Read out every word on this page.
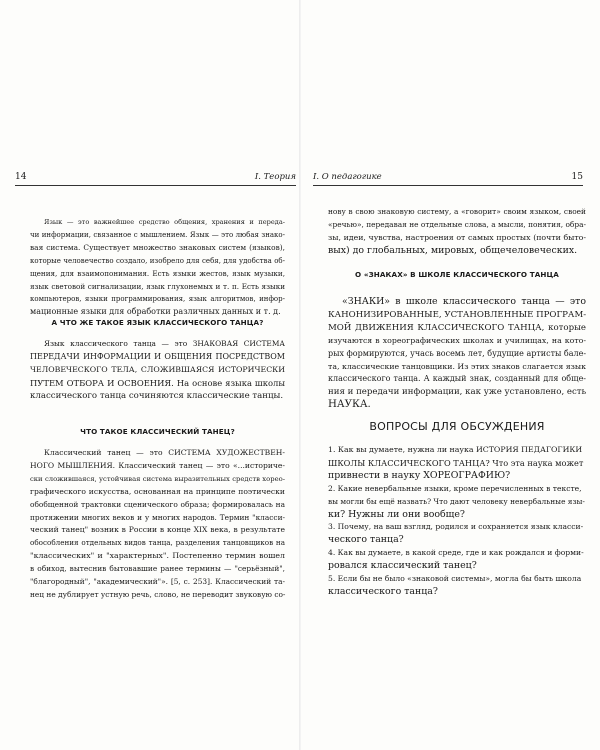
14	I. Теория

Язык — это важнейшее средство общения, хранения и переда-
чи информации, связанное с мышлением. Язык — это любая знако-
вая система. Существует множество знаковых систем (языков),
которые человечество создало, изобрело для себя, для удобства об-
щения, для взаимопонимания. Есть языки жестов, язык музыки,
язык световой сигнализации, язык глухонемых и т. п. Есть языки
компьютеров, языки программирования, язык алгоритмов, инфор-
мационные языки для обработки различных данных и т. д.

А ЧТО ЖЕ ТАКОЕ ЯЗЫК КЛАССИЧЕСКОГО ТАНЦА?

Язык классического танца — это ЗНАКОВАЯ СИСТЕМА
ПЕРЕДАЧИ ИНФОРМАЦИИ И ОБЩЕНИЯ ПОСРЕДСТВОМ
ЧЕЛОВЕЧЕСКОГО ТЕЛА, СЛОЖИВШАЯСЯ ИСТОРИЧЕСКИ
ПУТЕМ ОТБОРА И ОСВОЕНИЯ. На основе языка школы
классического танца сочиняются классические танцы.

ЧТО ТАКОЕ КЛАССИЧЕСКИЙ ТАНЕЦ?

Классический танец — это СИСТЕМА ХУДОЖЕСТВЕН-
НОГО МЫШЛЕНИЯ. Классический танец — это «...историче-
ски сложившаяся, устойчивая система выразительных средств хорео-
графического искусства, основанная на принципе поэтически
обобщенной трактовки сценического образа; формировалась на
протяжении многих веков и у многих народов. Термин "класси-
ческий танец" возник в России в конце XIX века, в результате
обособления отдельных видов танца, разделения танцовщиков на
"классических" и "характерных". Постепенно термин вошел
в обиход, вытеснив бытовавшие ранее термины — "серьёзный",
"благородный", "академический"». [5, с. 253]. Классический та-
нец не дублирует устную речь, слово, не переводит звуковую со-

I. О педагогике	15

нову в свою знаковую систему, а «говорит» своим языком, своей
«речью», передавая не отдельные слова, а мысли, понятия, обра-
зы, идеи, чувства, настроения от самых простых (почти быто-
вых) до глобальных, мировых, общечеловеческих.

О «ЗНАКАХ» В ШКОЛЕ КЛАССИЧЕСКОГО ТАНЦА

«ЗНАКИ» в школе классического танца — это
КАНОНИЗИРОВАННЫЕ, УСТАНОВЛЕННЫЕ ПРОГРАМ-
МОЙ ДВИЖЕНИЯ КЛАССИЧЕСКОГО ТАНЦА, которые
изучаются в хореографических школах и училищах, на кото-
рых формируются, учась восемь лет, будущие артисты бале-
та, классические танцовщики. Из этих знаков слагается язык
классического танца. А каждый знак, созданный для обще-
ния и передачи информации, как уже установлено, есть
НАУКА.

ВОПРОСЫ ДЛЯ ОБСУЖДЕНИЯ

1. Как вы думаете, нужна ли наука ИСТОРИЯ ПЕДАГОГИКИ
ШКОЛЫ КЛАССИЧЕСКОГО ТАНЦА? Что эта наука может
привнести в науку ХОРЕОГРАФИЮ?
2. Какие невербальные языки, кроме перечисленных в тексте,
вы могли бы ещё назвать? Что дают человеку невербальные язы-
ки? Нужны ли они вообще?
3. Почему, на ваш взгляд, родился и сохраняется язык класси-
ческого танца?
4. Как вы думаете, в какой среде, где и как рождался и форми-
ровался классический танец?
5. Если бы не было «знаковой системы», могла бы быть школа
классического танца?
